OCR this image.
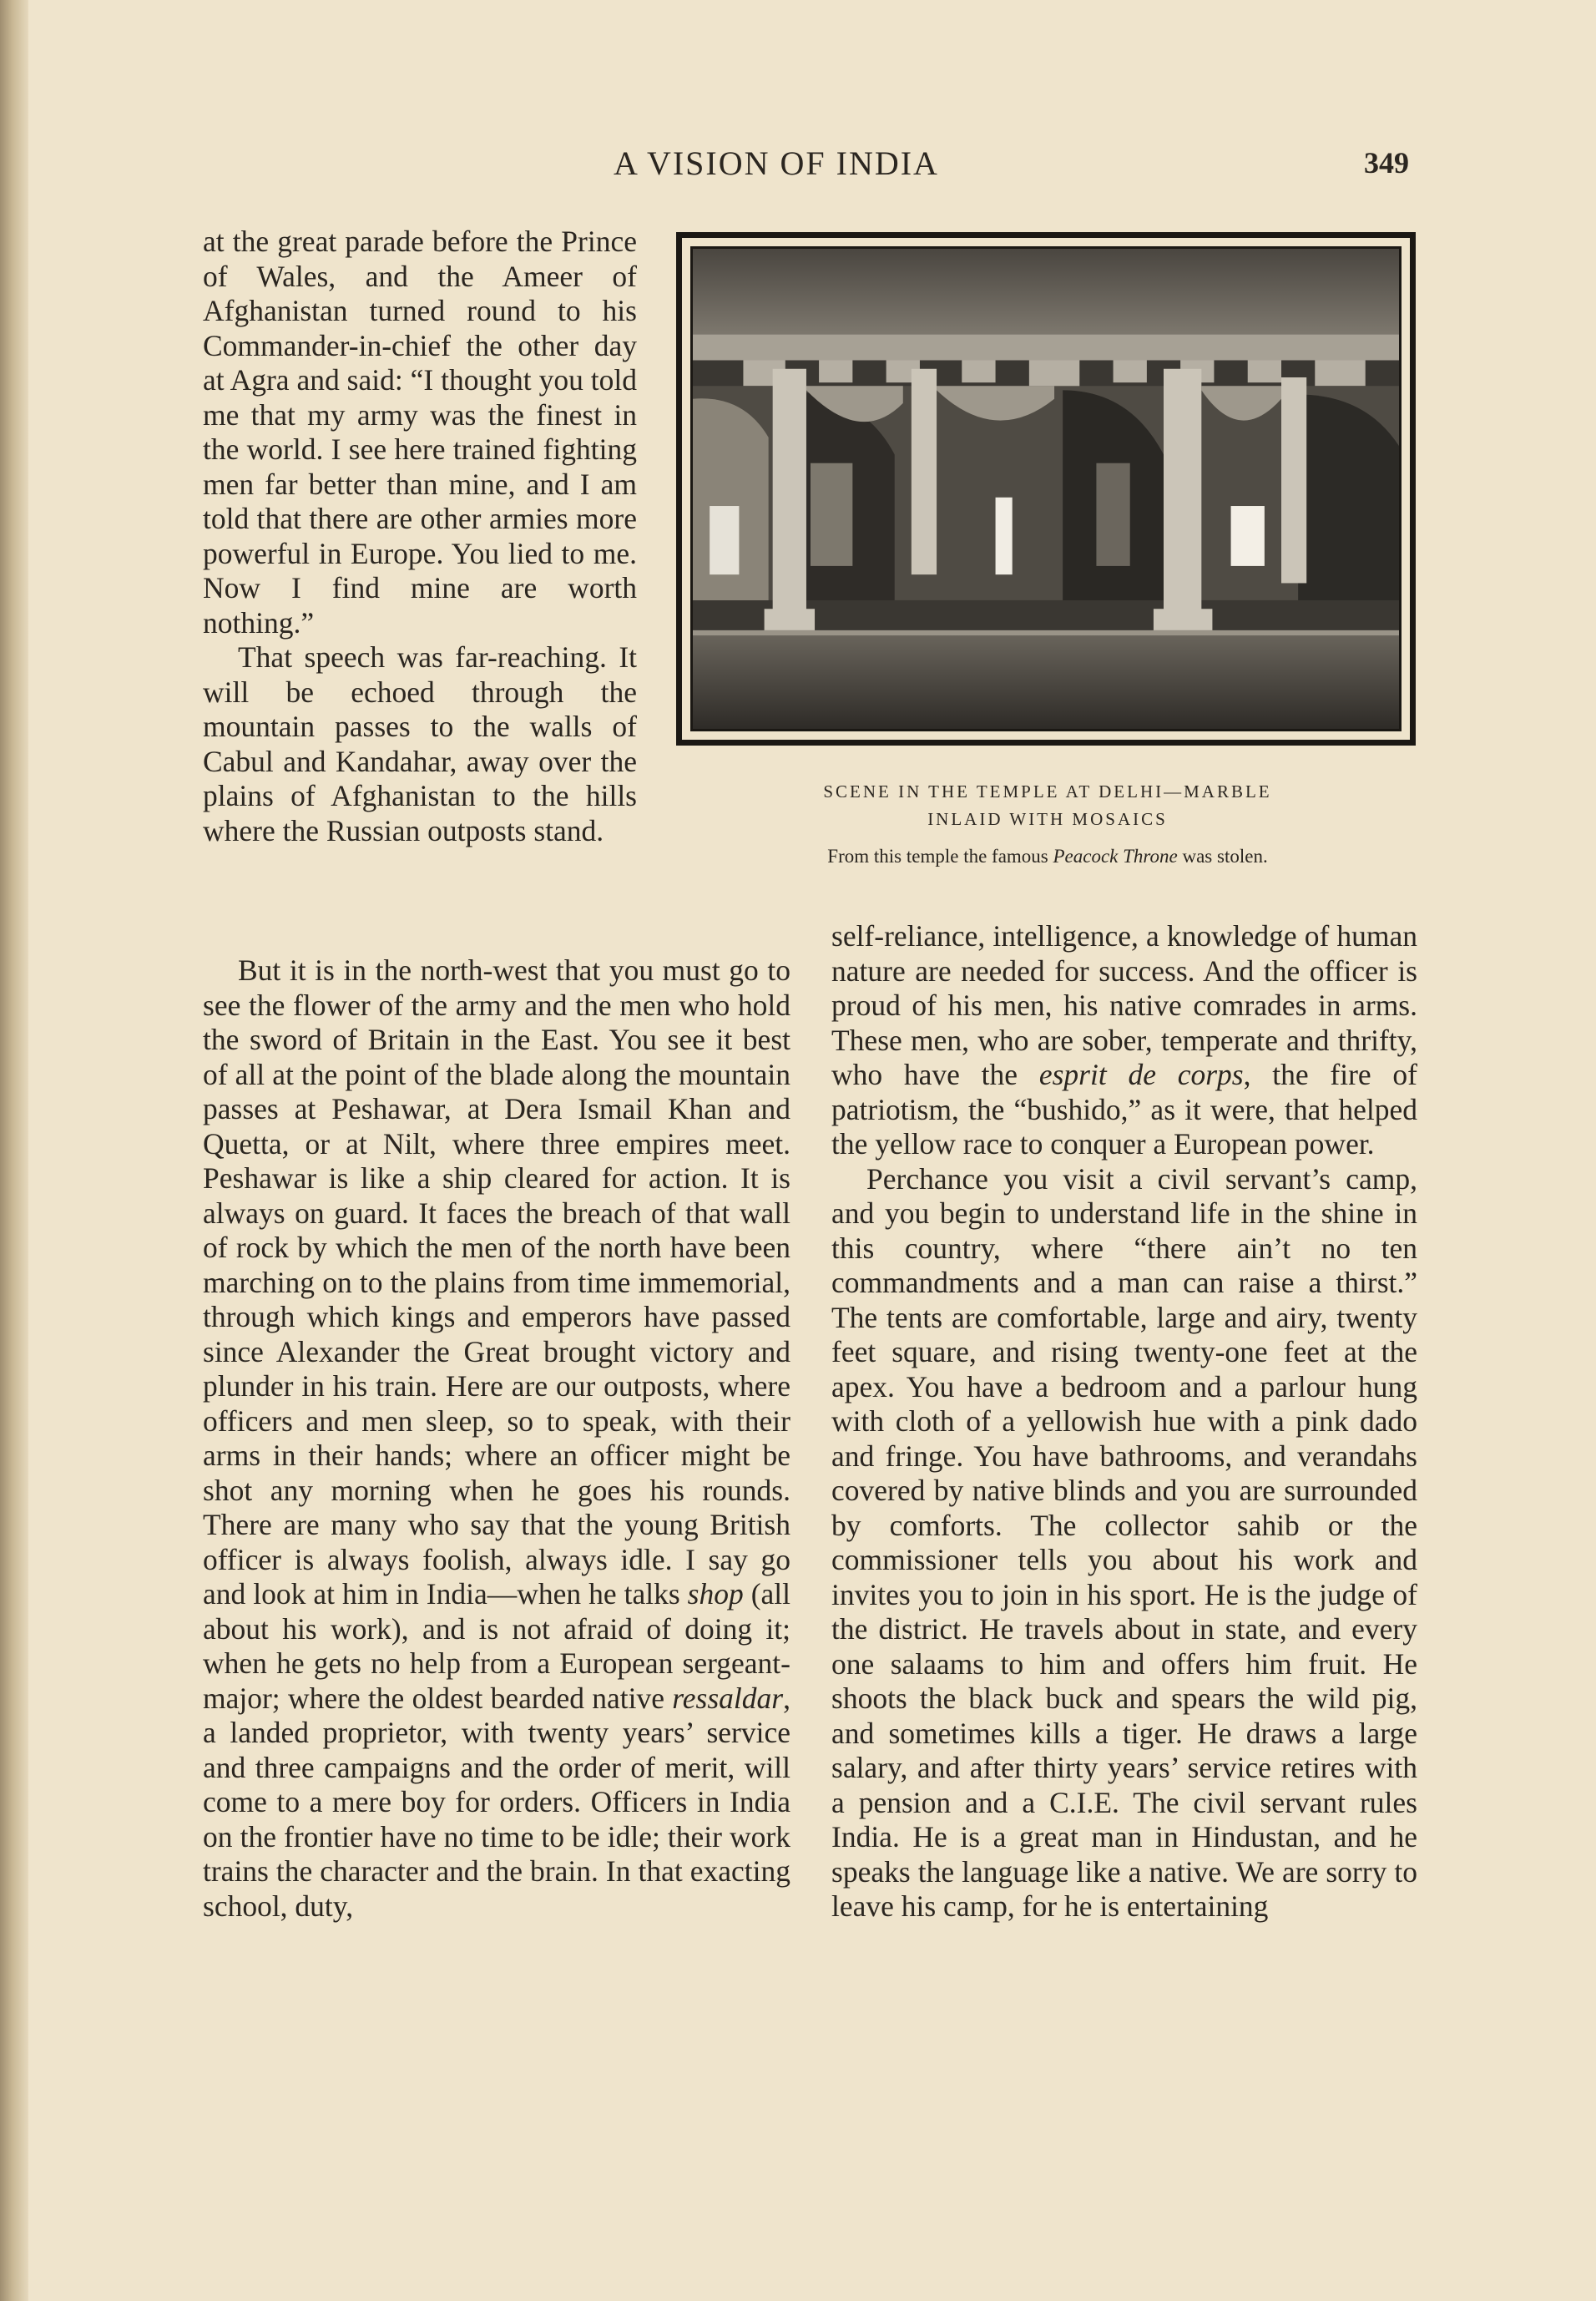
A VISION OF INDIA	349
SCENE IN THE TEMPLE AT DELHI—MARBLE
INLAID WITH MOSAICS
From this temple the famous Peacock Throne was stolen.

at the great parade before the Prince of Wales, and the Ameer of Afghanistan turned round to his Commander-in-chief the other day at Agra and said: “I thought you told me that my army was the finest in the world. I see here trained fighting men far better than mine, and I am told that there are other armies more powerful in Europe. You lied to me. Now I find mine are worth nothing.”

That speech was far-reaching. It will be echoed through the mountain passes to the walls of Cabul and Kandahar, away over the plains of Afghanistan to the hills where the Russian outposts stand.

But it is in the north-west that you must go to see the flower of the army and the men who hold the sword of Britain in the East. You see it best of all at the point of the blade along the mountain passes at Peshawar, at Dera Ismail Khan and Quetta, or at Nilt, where three empires meet. Peshawar is like a ship cleared for action. It is always on guard. It faces the breach of that wall of rock by which the men of the north have been marching on to the plains from time immemorial, through which kings and emperors have passed since Alexander the Great brought victory and plunder in his train. Here are our outposts, where officers and men sleep, so to speak, with their arms in their hands; where an officer might be shot any morning when he goes his rounds. There are many who say that the young British officer is always foolish, always idle. I say go and look at him in India—when he talks shop (all about his work), and is not afraid of doing it; when he gets no help from a European sergeant-major; where the oldest bearded native ressaldar, a landed proprietor, with twenty years’ service and three campaigns and the order of merit, will come to a mere boy for orders. Officers in India on the frontier have no time to be idle; their work trains the character and the brain. In that exacting school, duty,

self-reliance, intelligence, a knowledge of human nature are needed for success. And the officer is proud of his men, his native comrades in arms. These men, who are sober, temperate and thrifty, who have the esprit de corps, the fire of patriotism, the “bushido,” as it were, that helped the yellow race to conquer a European power.

Perchance you visit a civil servant’s camp, and you begin to understand life in the shine in this country, where “there ain’t no ten commandments and a man can raise a thirst.” The tents are comfortable, large and airy, twenty feet square, and rising twenty-one feet at the apex. You have a bedroom and a parlour hung with cloth of a yellowish hue with a pink dado and fringe. You have bathrooms, and verandahs covered by native blinds and you are surrounded by comforts. The collector sahib or the commissioner tells you about his work and invites you to join in his sport. He is the judge of the district. He travels about in state, and every one salaams to him and offers him fruit. He shoots the black buck and spears the wild pig, and sometimes kills a tiger. He draws a large salary, and after thirty years’ service retires with a pension and a C.I.E. The civil servant rules India. He is a great man in Hindustan, and he speaks the language like a native. We are sorry to leave his camp, for he is entertaining
